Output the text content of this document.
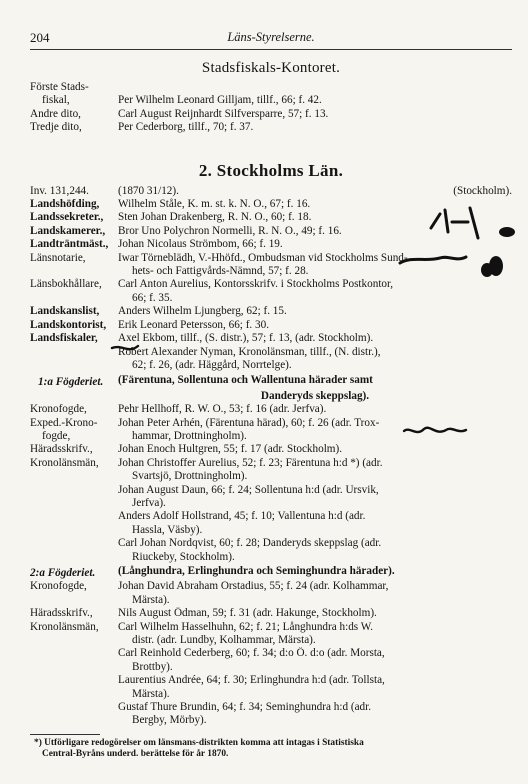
204	Läns-Styrelserne.
Stadsfiskals-Kontoret.
Förste Stads-
fiskal,	Per Wilhelm Leonard Gilljam, tillf., 66; f. 42.
Andre dito,	Carl August Reijnhardt Silfversparre, 57; f. 13.
Tredje dito,	Per Cederborg, tillf., 70; f. 37.
2. Stockholms Län.
Inv. 131,244.	(1870 31/12).	(Stockholm).
Landshöfding,	Wilhelm Ståle, K. m. st. k. N. O., 67; f. 16.
Landssekreter.,	Sten Johan Drakenberg, R. N. O., 60; f. 18.
Landskamerer.,	Bror Uno Polychron Normelli, R. N. O., 49; f. 16.
Landträntmäst., Johan Nicolaus Strömbom, 66; f. 19.
Länsnotarie,	Iwar Törneblädh, V.-Hhöfd., Ombudsman vid Stockholms Sund-
hets- och Fattigvårds-Nämnd, 57; f. 28.
Länsbokhållare,	Carl Anton Aurelius, Kontorsskrifv. i Stockholms Postkontor,
66; f. 35.
Landskanslist,	Anders Wilhelm Ljungberg, 62; f. 15.
Landskontorist,	Erik Leonard Petersson, 66; f. 30.
Landsfiskaler,	Axel Ekbom, tillf., (S. distr.), 57; f. 13, (adr. Stockholm).
Robert Alexander Nyman, Kronolänsman, tillf., (N. distr.),
62; f. 26, (adr. Häggård, Norrtelge).
1:a Fögderiet.	(Färentuna, Sollentuna och Wallentuna härader samt
Danderyds skeppslag).
Kronofogde,	Pehr Hellhoff, R. W. O., 53; f. 16 (adr. Jerfva).
Exped.-Krono-	Johan Peter Arhén, (Färentuna härad), 60; f. 26 (adr. Trox-
fogde,	hammar, Drottningholm).
Häradsskrifv.,	Johan Enoch Hultgren, 55; f. 17 (adr. Stockholm).
Kronolänsmän,	Johan Christoffer Aurelius, 52; f. 23; Färentuna h:d *) (adr.
Svartsjö, Drottningholm).
Johan August Daun, 66; f. 24; Sollentuna h:d (adr. Ursvik,
Jerfva).
Anders Adolf Hollstrand, 45; f. 10; Vallentuna h:d (adr.
Hassla, Väsby).
Carl Johan Nordqvist, 60; f. 28; Danderyds skeppslag (adr.
Riuckeby, Stockholm).
2:a Fögderiet.	(Långhundra, Erlinghundra och Seminghundra härader).
Kronofogde,	Johan David Abraham Orstadius, 55; f. 24 (adr. Kolhammar,
Märsta).
Häradsskrifv.,	Nils August Ödman, 59; f. 31 (adr. Hakunge, Stockholm).
Kronolänsmän,	Carl Wilhelm Hasselhuhn, 62; f. 21; Långhundra h:ds W.
distr. (adr. Lundby, Kolhammar, Märsta).
Carl Reinhold Cederberg, 60; f. 34; d:o Ö. d:o (adr. Morsta,
Brottby).
Laurentius Andrée, 64; f. 30; Erlinghundra h:d (adr. Tollsta,
Märsta).
Gustaf Thure Brundin, 64; f. 34; Seminghundra h:d (adr.
Bergby, Mörby).
*) Utförligare redogörelser om länsmans-distrikten komma att intagas i Statistiska
Central-Byråns underd. berättelse för år 1870.
